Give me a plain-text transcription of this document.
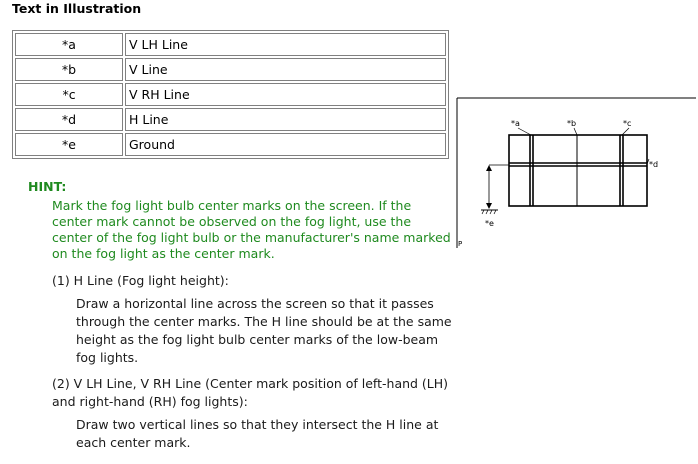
Text in Illustration
*a	V LH Line
*b	V Line
*c	V RH Line
*d	H Line
*e	Ground
HINT:
Mark the fog light bulb center marks on the screen. If the center mark cannot be observed on the fog light, use the center of the fog light bulb or the manufacturer's name marked on the fog light as the center mark.
(1) H Line (Fog light height):
Draw a horizontal line across the screen so that it passes through the center marks. The H line should be at the same height as the fog light bulb center marks of the low-beam fog lights.
(2) V LH Line, V RH Line (Center mark position of left-hand (LH) and right-hand (RH) fog lights):
Draw two vertical lines so that they intersect the H line at each center mark.
*a	*b	*c
*d
*e
P
